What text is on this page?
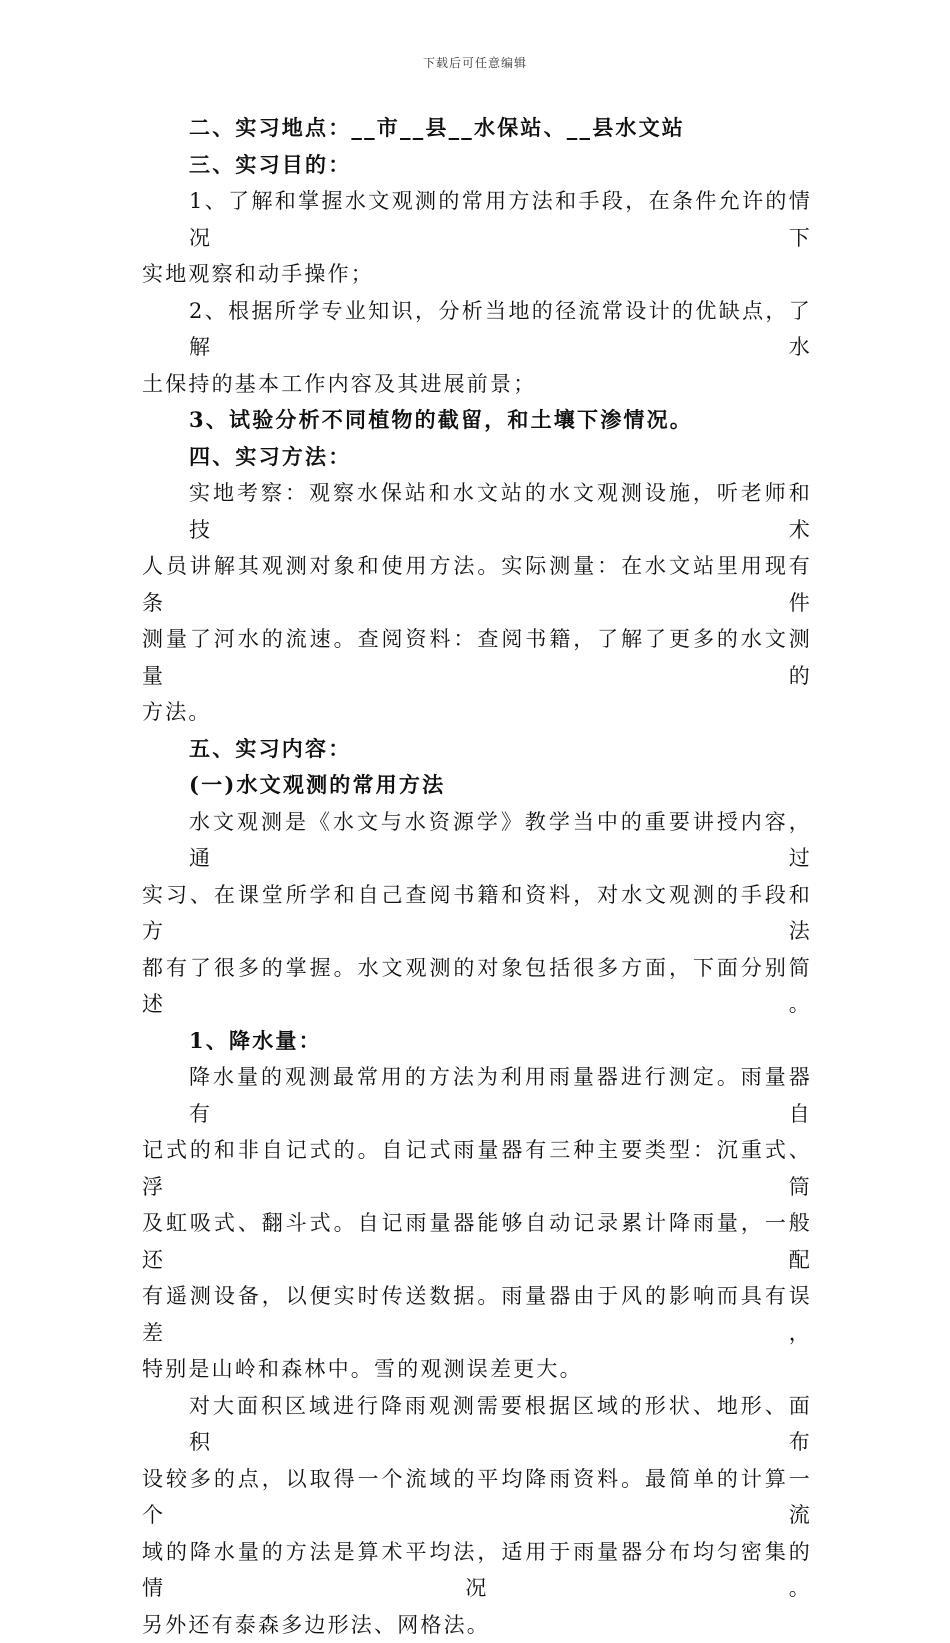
下载后可任意编辑
二、实习地点：__市__县__水保站、__县水文站
三、实习目的：
1、了解和掌握水文观测的常用方法和手段，在条件允许的情况下
实地观察和动手操作；
2、根据所学专业知识，分析当地的径流常设计的优缺点，了解水
土保持的基本工作内容及其进展前景；
3、试验分析不同植物的截留，和土壤下渗情况。
四、实习方法：
实地考察：观察水保站和水文站的水文观测设施，听老师和技术
人员讲解其观测对象和使用方法。实际测量：在水文站里用现有条件
测量了河水的流速。查阅资料：查阅书籍，了解了更多的水文测量的
方法。
五、实习内容：
(一)水文观测的常用方法
水文观测是《水文与水资源学》教学当中的重要讲授内容，通过
实习、在课堂所学和自己查阅书籍和资料，对水文观测的手段和方法
都有了很多的掌握。水文观测的对象包括很多方面，下面分别简述。
1、降水量：
降水量的观测最常用的方法为利用雨量器进行测定。雨量器有自
记式的和非自记式的。自记式雨量器有三种主要类型：沉重式、浮筒
及虹吸式、翻斗式。自记雨量器能够自动记录累计降雨量，一般还配
有遥测设备，以便实时传送数据。雨量器由于风的影响而具有误差，
特别是山岭和森林中。雪的观测误差更大。
对大面积区域进行降雨观测需要根据区域的形状、地形、面积布
设较多的点，以取得一个流域的平均降雨资料。最简单的计算一个流
域的降水量的方法是算术平均法，适用于雨量器分布均匀密集的情况。
另外还有泰森多边形法、网格法。
